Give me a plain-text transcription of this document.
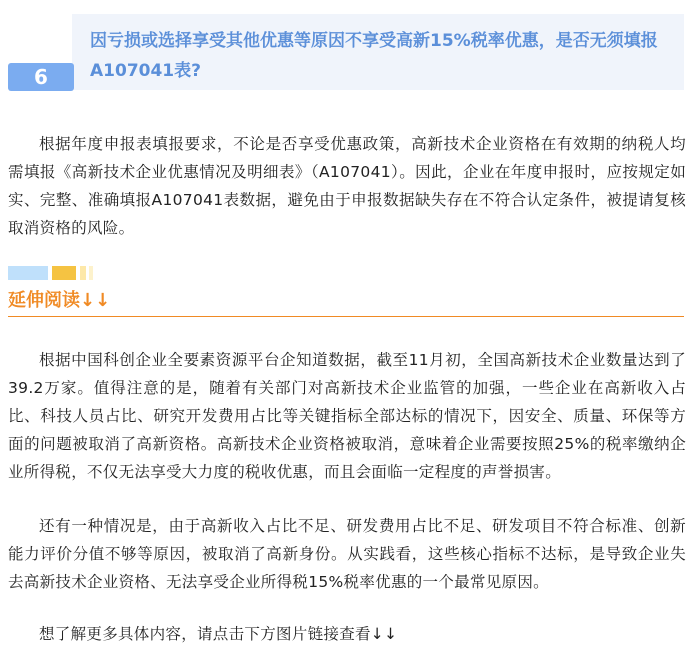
因亏损或选择享受其他优惠等原因不享受高新15%税率优惠，是否无须填报A107041表?
6

根据年度申报表填报要求，不论是否享受优惠政策，高新技术企业资格在有效期的纳税人均需填报《高新技术企业优惠情况及明细表》（A107041）。因此，企业在年度申报时，应按规定如实、完整、准确填报A107041表数据，避免由于申报数据缺失存在不符合认定条件，被提请复核取消资格的风险。

延伸阅读↓↓

根据中国科创企业全要素资源平台企知道数据，截至11月初，全国高新技术企业数量达到了39.2万家。值得注意的是，随着有关部门对高新技术企业监管的加强，一些企业在高新收入占比、科技人员占比、研究开发费用占比等关键指标全部达标的情况下，因安全、质量、环保等方面的问题被取消了高新资格。高新技术企业资格被取消，意味着企业需要按照25%的税率缴纳企业所得税，不仅无法享受大力度的税收优惠，而且会面临一定程度的声誉损害。

还有一种情况是，由于高新收入占比不足、研发费用占比不足、研发项目不符合标准、创新能力评价分值不够等原因，被取消了高新身份。从实践看，这些核心指标不达标，是导致企业失去高新技术企业资格、无法享受企业所得税15%税率优惠的一个最常见原因。

想了解更多具体内容，请点击下方图片链接查看↓↓
